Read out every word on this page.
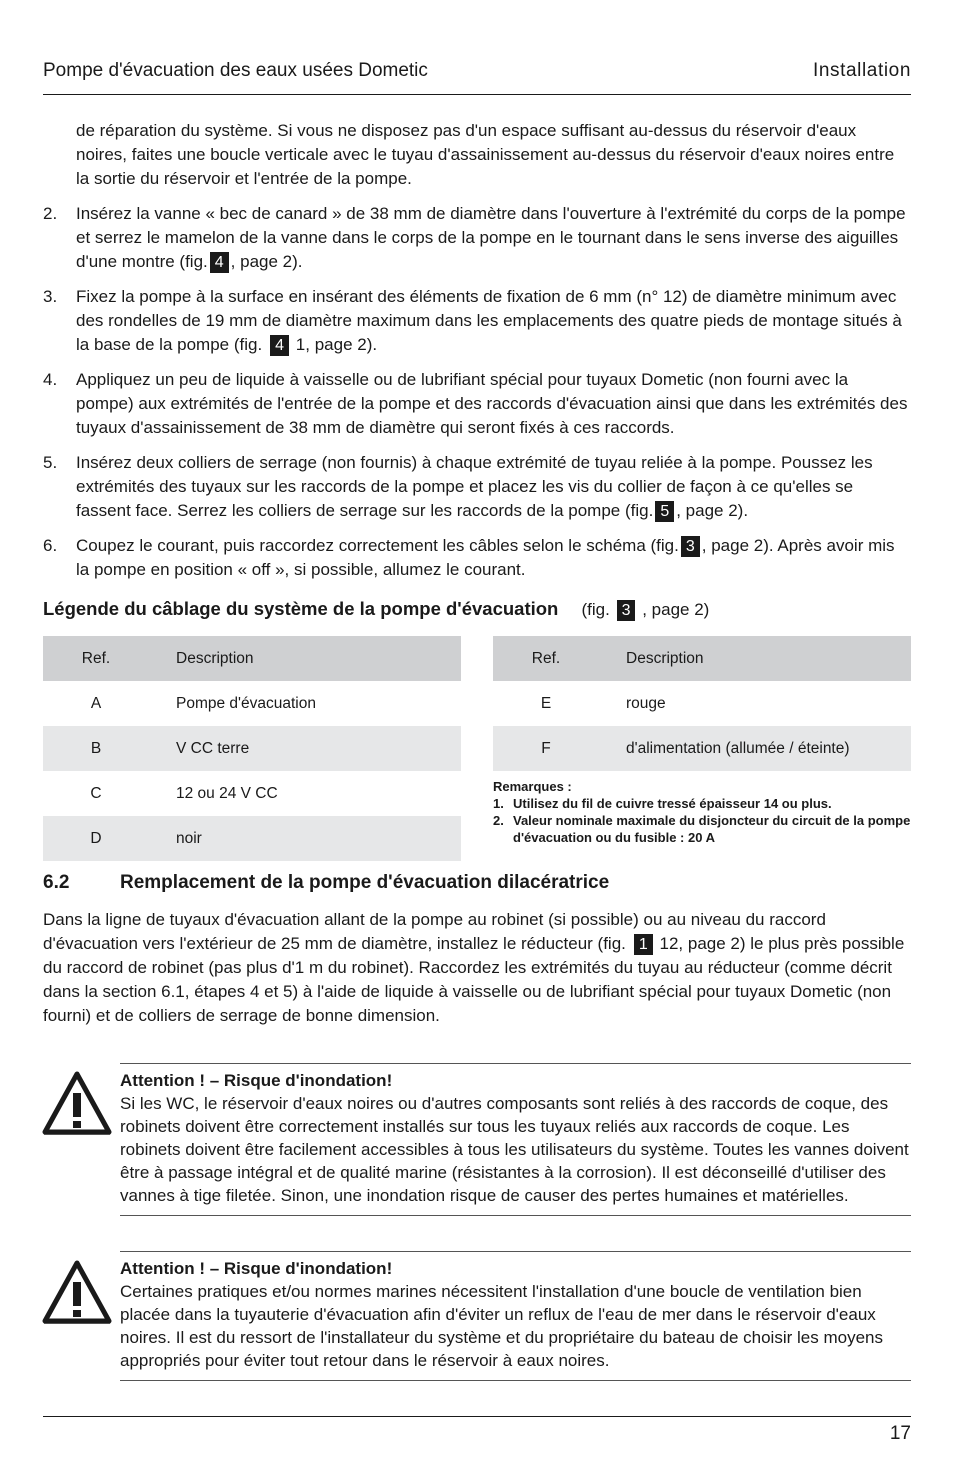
Pompe d'évacuation des eaux usées Dometic	Installation

de réparation du système. Si vous ne disposez pas d'un espace suffisant au-dessus du réservoir d'eaux noires, faites une boucle verticale avec le tuyau d'assainissement au-dessus du réservoir d'eaux noires entre la sortie du réservoir et l'entrée de la pompe.

2. Insérez la vanne « bec de canard » de 38 mm de diamètre dans l'ouverture à l'extrémité du corps de la pompe et serrez le mamelon de la vanne dans le corps de la pompe en le tournant dans le sens inverse des aiguilles d'une montre (fig. 4 , page 2).

3. Fixez la pompe à la surface en insérant des éléments de fixation de 6 mm (n° 12) de diamètre minimum avec des rondelles de 19 mm de diamètre maximum dans les emplacements des quatre pieds de montage situés à la base de la pompe (fig. 4 1, page 2).

4. Appliquez un peu de liquide à vaisselle ou de lubrifiant spécial pour tuyaux Dometic (non fourni avec la pompe) aux extrémités de l'entrée de la pompe et des raccords d'évacuation ainsi que dans les extrémités des tuyaux d'assainissement de 38 mm de diamètre qui seront fixés à ces raccords.

5. Insérez deux colliers de serrage (non fournis) à chaque extrémité de tuyau reliée à la pompe. Poussez les extrémités des tuyaux sur les raccords de la pompe et placez les vis du collier de façon à ce qu'elles se fassent face. Serrez les colliers de serrage sur les raccords de la pompe (fig. 5 , page 2).

6. Coupez le courant, puis raccordez correctement les câbles selon le schéma (fig. 3 , page 2). Après avoir mis la pompe en position « off », si possible, allumez le courant.

Légende du câblage du système de la pompe d'évacuation (fig. 3 , page 2)
Ref.	Description
A	Pompe d'évacuation
B	V CC terre
C	12 ou 24 V CC
D	noir
Ref.	Description
E	rouge
F	d'alimentation (allumée / éteinte)
Remarques :
1. Utilisez du fil de cuivre tressé épaisseur 14 ou plus.
2. Valeur nominale maximale du disjoncteur du circuit de la pompe d'évacuation ou du fusible : 20 A
6.2	Remplacement de la pompe d'évacuation dilacératrice

Dans la ligne de tuyaux d'évacuation allant de la pompe au robinet (si possible) ou au niveau du raccord d'évacuation vers l'extérieur de 25 mm de diamètre, installez le réducteur (fig. 1 12, page 2) le plus près possible du raccord de robinet (pas plus d'1 m du robinet). Raccordez les extrémités du tuyau au réducteur (comme décrit dans la section 6.1, étapes 4 et 5) à l'aide de liquide à vaisselle ou de lubrifiant spécial pour tuyaux Dometic (non fourni) et de colliers de serrage de bonne dimension.

Attention ! – Risque d'inondation!

Si les WC, le réservoir d'eaux noires ou d'autres composants sont reliés à des raccords de coque, des robinets doivent être correctement installés sur tous les tuyaux reliés aux raccords de coque. Les robinets doivent être facilement accessibles à tous les utilisateurs du système. Toutes les vannes doivent être à passage intégral et de qualité marine (résistantes à la corrosion). Il est déconseillé d'utiliser des vannes à tige filetée. Sinon, une inondation risque de causer des pertes humaines et matérielles.

Attention ! – Risque d'inondation!

Certaines pratiques et/ou normes marines nécessitent l'installation d'une boucle de ventilation bien placée dans la tuyauterie d'évacuation afin d'éviter un reflux de l'eau de mer dans le réservoir d'eaux noires. Il est du ressort de l'installateur du système et du propriétaire du bateau de choisir les moyens appropriés pour éviter tout retour dans le réservoir à eaux noires.

17
